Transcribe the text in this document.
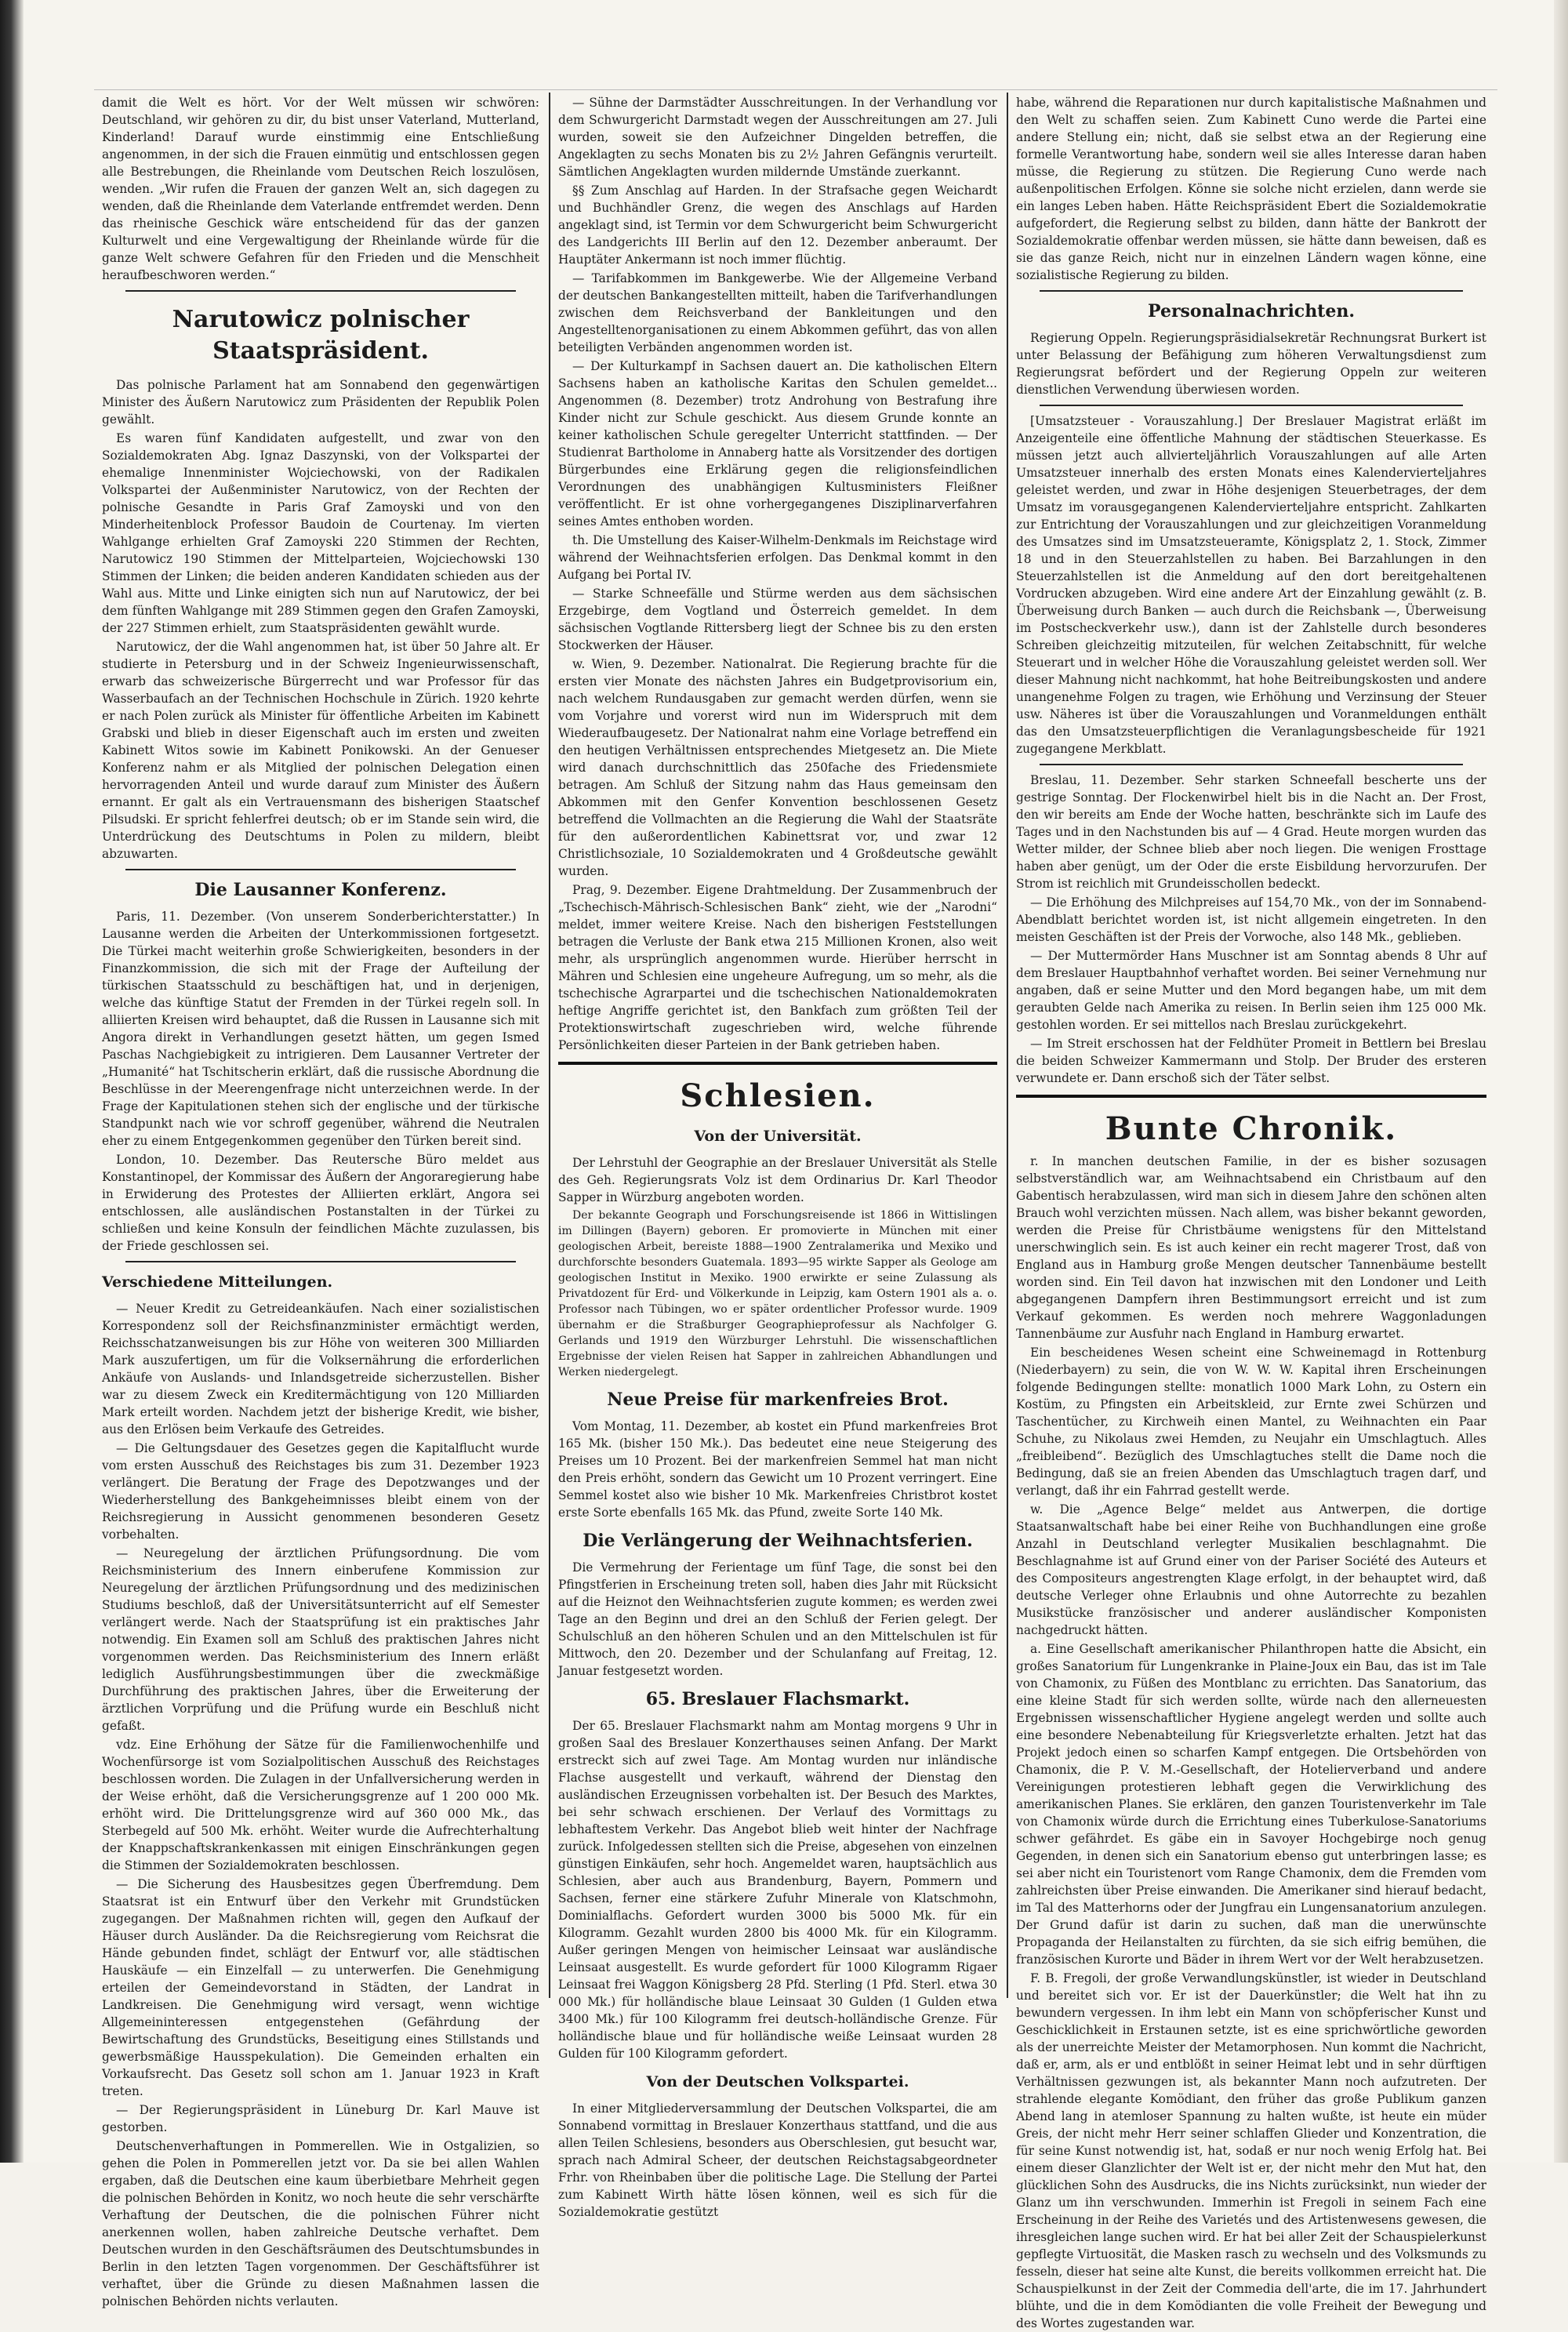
damit die Welt es hört. Vor der Welt müssen wir schwören: Deutschland, wir gehören zu dir, du bist unser Vaterland, Mutterland, Kinderland! Darauf wurde einstimmig eine Entschließung angenommen, in der sich die Frauen einmütig und entschlossen gegen alle Bestrebungen, die Rheinlande vom Deutschen Reich loszulösen, wenden. „Wir rufen die Frauen der ganzen Welt an, sich dagegen zu wenden, daß die Rheinlande dem Vaterlande entfremdet werden. Denn das rheinische Geschick wäre entscheidend für das der ganzen Kulturwelt und eine Vergewaltigung der Rheinlande würde für die ganze Welt schwere Gefahren für den Frieden und die Menschheit heraufbeschworen werden.“

Narutowicz polnischer Staatspräsident.

Das polnische Parlament hat am Sonnabend den gegenwärtigen Minister des Äußern Narutowicz zum Präsidenten der Republik Polen gewählt.

Es waren fünf Kandidaten aufgestellt, und zwar von den Sozialdemokraten Abg. Ignaz Daszynski, von der Volkspartei der ehemalige Innenminister Wojciechowski, von der Radikalen Volkspartei der Außenminister Narutowicz, von der Rechten der polnische Gesandte in Paris Graf Zamoyski und von den Minderheitenblock Professor Baudoin de Courtenay. Im vierten Wahlgange erhielten Graf Zamoyski 220 Stimmen der Rechten, Narutowicz 190 Stimmen der Mittelparteien, Wojciechowski 130 Stimmen der Linken; die beiden anderen Kandidaten schieden aus der Wahl aus. Mitte und Linke einigten sich nun auf Narutowicz, der bei dem fünften Wahlgange mit 289 Stimmen gegen den Grafen Zamoyski, der 227 Stimmen erhielt, zum Staatspräsidenten gewählt wurde.

Narutowicz, der die Wahl angenommen hat, ist über 50 Jahre alt. Er studierte in Petersburg und in der Schweiz Ingenieurwissenschaft, erwarb das schweizerische Bürgerrecht und war Professor für das Wasserbaufach an der Technischen Hochschule in Zürich. 1920 kehrte er nach Polen zurück als Minister für öffentliche Arbeiten im Kabinett Grabski und blieb in dieser Eigenschaft auch im ersten und zweiten Kabinett Witos sowie im Kabinett Ponikowski. An der Genueser Konferenz nahm er als Mitglied der polnischen Delegation einen hervorragenden Anteil und wurde darauf zum Minister des Äußern ernannt. Er galt als ein Vertrauensmann des bisherigen Staatschef Pilsudski. Er spricht fehlerfrei deutsch; ob er im Stande sein wird, die Unterdrückung des Deutschtums in Polen zu mildern, bleibt abzuwarten.

Die Lausanner Konferenz.

Paris, 11. Dezember. (Von unserem Sonderberichterstatter.) In Lausanne werden die Arbeiten der Unterkommissionen fortgesetzt. Die Türkei macht weiterhin große Schwierigkeiten, besonders in der Finanzkommission, die sich mit der Frage der Aufteilung der türkischen Staatsschuld zu beschäftigen hat, und in derjenigen, welche das künftige Statut der Fremden in der Türkei regeln soll. In alliierten Kreisen wird behauptet, daß die Russen in Lausanne sich mit Angora direkt in Verhandlungen gesetzt hätten, um gegen Ismed Paschas Nachgiebigkeit zu intrigieren. Dem Lausanner Vertreter der „Humanité“ hat Tschitscherin erklärt, daß die russische Abordnung die Beschlüsse in der Meerengenfrage nicht unterzeichnen werde. In der Frage der Kapitulationen stehen sich der englische und der türkische Standpunkt nach wie vor schroff gegenüber, während die Neutralen eher zu einem Entgegenkommen gegenüber den Türken bereit sind.

London, 10. Dezember. Das Reutersche Büro meldet aus Konstantinopel, der Kommissar des Äußern der Angoraregierung habe in Erwiderung des Protestes der Alliierten erklärt, Angora sei entschlossen, alle ausländischen Postanstalten in der Türkei zu schließen und keine Konsuln der feindlichen Mächte zuzulassen, bis der Friede geschlossen sei.

Verschiedene Mitteilungen.

— Neuer Kredit zu Getreideankäufen. Nach einer sozialistischen Korrespondenz soll der Reichsfinanzminister ermächtigt werden, Reichsschatzanweisungen bis zur Höhe von weiteren 300 Milliarden Mark auszufertigen, um für die Volksernährung die erforderlichen Ankäufe von Auslands- und Inlandsgetreide sicherzustellen. Bisher war zu diesem Zweck ein Kreditermächtigung von 120 Milliarden Mark erteilt worden. Nachdem jetzt der bisherige Kredit, wie bisher, aus den Erlösen beim Verkaufe des Getreides.

— Die Geltungsdauer des Gesetzes gegen die Kapitalflucht wurde vom ersten Ausschuß des Reichstages bis zum 31. Dezember 1923 verlängert. Die Beratung der Frage des Depotzwanges und der Wiederherstellung des Bankgeheimnisses bleibt einem von der Reichsregierung in Aussicht genommenen besonderen Gesetz vorbehalten.

— Neuregelung der ärztlichen Prüfungsordnung. Die vom Reichsministerium des Innern einberufene Kommission zur Neuregelung der ärztlichen Prüfungsordnung und des medizinischen Studiums beschloß, daß der Universitätsunterricht auf elf Semester verlängert werde. Nach der Staatsprüfung ist ein praktisches Jahr notwendig. Ein Examen soll am Schluß des praktischen Jahres nicht vorgenommen werden. Das Reichsministerium des Innern erläßt lediglich Ausführungsbestimmungen über die zweckmäßige Durchführung des praktischen Jahres, über die Erweiterung der ärztlichen Vorprüfung und die Prüfung wurde ein Beschluß nicht gefaßt.

vdz. Eine Erhöhung der Sätze für die Familienwochenhilfe und Wochenfürsorge ist vom Sozialpolitischen Ausschuß des Reichstages beschlossen worden. Die Zulagen in der Unfallversicherung werden in der Weise erhöht, daß die Versicherungsgrenze auf 1 200 000 Mk. erhöht wird. Die Drittelungsgrenze wird auf 360 000 Mk., das Sterbegeld auf 500 Mk. erhöht. Weiter wurde die Aufrechterhaltung der Knappschaftskrankenkassen mit einigen Einschränkungen gegen die Stimmen der Sozialdemokraten beschlossen.

— Die Sicherung des Hausbesitzes gegen Überfremdung. Dem Staatsrat ist ein Entwurf über den Verkehr mit Grundstücken zugegangen. Der Maßnahmen richten will, gegen den Aufkauf der Häuser durch Ausländer. Da die Reichsregierung vom Reichsrat die Hände gebunden findet, schlägt der Entwurf vor, alle städtischen Hauskäufe — ein Einzelfall — zu unterwerfen. Die Genehmigung erteilen der Gemeindevorstand in Städten, der Landrat in Landkreisen. Die Genehmigung wird versagt, wenn wichtige Allgemeininteressen entgegenstehen (Gefährdung der Bewirtschaftung des Grundstücks, Beseitigung eines Stillstands und gewerbsmäßige Hausspekulation). Die Gemeinden erhalten ein Vorkaufsrecht. Das Gesetz soll schon am 1. Januar 1923 in Kraft treten.

— Der Regierungspräsident in Lüneburg Dr. Karl Mauve ist gestorben.

Deutschenverhaftungen in Pommerellen. Wie in Ostgalizien, so gehen die Polen in Pommerellen jetzt vor. Da sie bei allen Wahlen ergaben, daß die Deutschen eine kaum überbietbare Mehrheit gegen die polnischen Behörden in Konitz, wo noch heute die sehr verschärfte Verhaftung der Deutschen, die die polnischen Führer nicht anerkennen wollen, haben zahlreiche Deutsche verhaftet. Dem Deutschen wurden in den Geschäftsräumen des Deutschtumsbundes in Berlin in den letzten Tagen vorgenommen. Der Geschäftsführer ist verhaftet, über die Gründe zu diesen Maßnahmen lassen die polnischen Behörden nichts verlauten.

— Sühne der Darmstädter Ausschreitungen. In der Verhandlung vor dem Schwurgericht Darmstadt wegen der Ausschreitungen am 27. Juli wurden, soweit sie den Aufzeichner Dingelden betreffen, die Angeklagten zu sechs Monaten bis zu 2½ Jahren Gefängnis verurteilt. Sämtlichen Angeklagten wurden mildernde Umstände zuerkannt.

§§ Zum Anschlag auf Harden. In der Strafsache gegen Weichardt und Buchhändler Grenz, die wegen des Anschlags auf Harden angeklagt sind, ist Termin vor dem Schwurgericht beim Schwurgericht des Landgerichts III Berlin auf den 12. Dezember anberaumt. Der Hauptäter Ankermann ist noch immer flüchtig.

— Tarifabkommen im Bankgewerbe. Wie der Allgemeine Verband der deutschen Bankangestellten mitteilt, haben die Tarifverhandlungen zwischen dem Reichsverband der Bankleitungen und den Angestelltenorganisationen zu einem Abkommen geführt, das von allen beteiligten Verbänden angenommen worden ist.

— Der Kulturkampf in Sachsen dauert an. Die katholischen Eltern Sachsens haben an katholische Karitas den Schulen gemeldet... Angenommen (8. Dezember) trotz Androhung von Bestrafung ihre Kinder nicht zur Schule geschickt. Aus diesem Grunde konnte an keiner katholischen Schule geregelter Unterricht stattfinden. — Der Studienrat Bartholome in Annaberg hatte als Vorsitzender des dortigen Bürgerbundes eine Erklärung gegen die religionsfeindlichen Verordnungen des unabhängigen Kultusministers Fleißner veröffentlicht. Er ist ohne vorhergegangenes Disziplinarverfahren seines Amtes enthoben worden.

th. Die Umstellung des Kaiser-Wilhelm-Denkmals im Reichstage wird während der Weihnachtsferien erfolgen. Das Denkmal kommt in den Aufgang bei Portal IV.

— Starke Schneefälle und Stürme werden aus dem sächsischen Erzgebirge, dem Vogtland und Österreich gemeldet. In dem sächsischen Vogtlande Rittersberg liegt der Schnee bis zu den ersten Stockwerken der Häuser.

w. Wien, 9. Dezember. Nationalrat. Die Regierung brachte für die ersten vier Monate des nächsten Jahres ein Budgetprovisorium ein, nach welchem Rundausgaben zur gemacht werden dürfen, wenn sie vom Vorjahre und vorerst wird nun im Widerspruch mit dem Wiederaufbaugesetz. Der Nationalrat nahm eine Vorlage betreffend ein den heutigen Verhältnissen entsprechendes Mietgesetz an. Die Miete wird danach durchschnittlich das 250fache des Friedensmiete betragen. Am Schluß der Sitzung nahm das Haus gemeinsam den Abkommen mit den Genfer Konvention beschlossenen Gesetz betreffend die Vollmachten an die Regierung die Wahl der Staatsräte für den außerordentlichen Kabinettsrat vor, und zwar 12 Christlichsoziale, 10 Sozialdemokraten und 4 Großdeutsche gewählt wurden.

Prag, 9. Dezember. Eigene Drahtmeldung. Der Zusammenbruch der „Tschechisch-Mährisch-Schlesischen Bank“ zieht, wie der „Narodni“ meldet, immer weitere Kreise. Nach den bisherigen Feststellungen betragen die Verluste der Bank etwa 215 Millionen Kronen, also weit mehr, als ursprünglich angenommen wurde. Hierüber herrscht in Mähren und Schlesien eine ungeheure Aufregung, um so mehr, als die tschechische Agrarpartei und die tschechischen Nationaldemokraten heftige Angriffe gerichtet ist, den Bankfach zum größten Teil der Protektionswirtschaft zugeschrieben wird, welche führende Persönlichkeiten dieser Parteien in der Bank getrieben haben.

Schlesien.
Von der Universität.

Der Lehrstuhl der Geographie an der Breslauer Universität als Stelle des Geh. Regierungsrats Volz ist dem Ordinarius Dr. Karl Theodor Sapper in Würzburg angeboten worden.

Der bekannte Geograph und Forschungsreisende ist 1866 in Wittislingen im Dillingen (Bayern) geboren. Er promovierte in München mit einer geologischen Arbeit, bereiste 1888—1900 Zentralamerika und Mexiko und durchforschte besonders Guatemala. 1893—95 wirkte Sapper als Geologe am geologischen Institut in Mexiko. 1900 erwirkte er seine Zulassung als Privatdozent für Erd- und Völkerkunde in Leipzig, kam Ostern 1901 als a. o. Professor nach Tübingen, wo er später ordentlicher Professor wurde. 1909 übernahm er die Straßburger Geographieprofessur als Nachfolger G. Gerlands und 1919 den Würzburger Lehrstuhl. Die wissenschaftlichen Ergebnisse der vielen Reisen hat Sapper in zahlreichen Abhandlungen und Werken niedergelegt.

Neue Preise für markenfreies Brot.

Vom Montag, 11. Dezember, ab kostet ein Pfund markenfreies Brot 165 Mk. (bisher 150 Mk.). Das bedeutet eine neue Steigerung des Preises um 10 Prozent. Bei der markenfreien Semmel hat man nicht den Preis erhöht, sondern das Gewicht um 10 Prozent verringert. Eine Semmel kostet also wie bisher 10 Mk. Markenfreies Christbrot kostet erste Sorte ebenfalls 165 Mk. das Pfund, zweite Sorte 140 Mk.

Die Verlängerung der Weihnachtsferien.

Die Vermehrung der Ferientage um fünf Tage, die sonst bei den Pfingstferien in Erscheinung treten soll, haben dies Jahr mit Rücksicht auf die Heiznot den Weihnachtsferien zugute kommen; es werden zwei Tage an den Beginn und drei an den Schluß der Ferien gelegt. Der Schulschluß an den höheren Schulen und an den Mittelschulen ist für Mittwoch, den 20. Dezember und der Schulanfang auf Freitag, 12. Januar festgesetzt worden.

65. Breslauer Flachsmarkt.

Der 65. Breslauer Flachsmarkt nahm am Montag morgens 9 Uhr in großen Saal des Breslauer Konzerthauses seinen Anfang. Der Markt erstreckt sich auf zwei Tage. Am Montag wurden nur inländische Flachse ausgestellt und verkauft, während der Dienstag den ausländischen Erzeugnissen vorbehalten ist. Der Besuch des Marktes, bei sehr schwach erschienen. Der Verlauf des Vormittags zu lebhaftestem Verkehr. Das Angebot blieb weit hinter der Nachfrage zurück. Infolgedessen stellten sich die Preise, abgesehen von einzelnen günstigen Einkäufen, sehr hoch. Angemeldet waren, hauptsächlich aus Schlesien, aber auch aus Brandenburg, Bayern, Pommern und Sachsen, ferner eine stärkere Zufuhr Minerale von Klatschmohn, Dominialflachs. Gefordert wurden 3000 bis 5000 Mk. für ein Kilogramm. Gezahlt wurden 2800 bis 4000 Mk. für ein Kilogramm. Außer geringen Mengen von heimischer Leinsaat war ausländische Leinsaat ausgestellt. Es wurde gefordert für 1000 Kilogramm Rigaer Leinsaat frei Waggon Königsberg 28 Pfd. Sterling (1 Pfd. Sterl. etwa 30 000 Mk.) für holländische blaue Leinsaat 30 Gulden (1 Gulden etwa 3400 Mk.) für 100 Kilogramm frei deutsch-holländische Grenze. Für holländische blaue und für holländische weiße Leinsaat wurden 28 Gulden für 100 Kilogramm gefordert.

Von der Deutschen Volkspartei.

In einer Mitgliederversammlung der Deutschen Volkspartei, die am Sonnabend vormittag in Breslauer Konzerthaus stattfand, und die aus allen Teilen Schlesiens, besonders aus Oberschlesien, gut besucht war, sprach nach Admiral Scheer, der deutschen Reichstagsabgeordneter Frhr. von Rheinbaben über die politische Lage. Die Stellung der Partei zum Kabinett Wirth hätte lösen können, weil es sich für die Sozialdemokratie gestützt

habe, während die Reparationen nur durch kapitalistische Maßnahmen und den Welt zu schaffen seien. Zum Kabinett Cuno werde die Partei eine andere Stellung ein; nicht, daß sie selbst etwa an der Regierung eine formelle Verantwortung habe, sondern weil sie alles Interesse daran haben müsse, die Regierung zu stützen. Die Regierung Cuno werde nach außenpolitischen Erfolgen. Könne sie solche nicht erzielen, dann werde sie ein langes Leben haben. Hätte Reichspräsident Ebert die Sozialdemokratie aufgefordert, die Regierung selbst zu bilden, dann hätte der Bankrott der Sozialdemokratie offenbar werden müssen, sie hätte dann beweisen, daß es sie das ganze Reich, nicht nur in einzelnen Ländern wagen könne, eine sozialistische Regierung zu bilden.

Personalnachrichten.

Regierung Oppeln. Regierungspräsidialsekretär Rechnungsrat Burkert ist unter Belassung der Befähigung zum höheren Verwaltungsdienst zum Regierungsrat befördert und der Regierung Oppeln zur weiteren dienstlichen Verwendung überwiesen worden.

[Umsatzsteuer - Vorauszahlung.] Der Breslauer Magistrat erläßt im Anzeigenteile eine öffentliche Mahnung der städtischen Steuerkasse. Es müssen jetzt auch allvierteljährlich Vorauszahlungen auf alle Arten Umsatzsteuer innerhalb des ersten Monats eines Kalendervierteljahres geleistet werden, und zwar in Höhe desjenigen Steuerbetrages, der dem Umsatz im vorausgegangenen Kalendervierteljahre entspricht. Zahlkarten zur Entrichtung der Vorauszahlungen und zur gleichzeitigen Voranmeldung des Umsatzes sind im Umsatzsteueramte, Königsplatz 2, 1. Stock, Zimmer 18 und in den Steuerzahlstellen zu haben. Bei Barzahlungen in den Steuerzahlstellen ist die Anmeldung auf den dort bereitgehaltenen Vordrucken abzugeben. Wird eine andere Art der Einzahlung gewählt (z. B. Überweisung durch Banken — auch durch die Reichsbank —, Überweisung im Postscheckverkehr usw.), dann ist der Zahlstelle durch besonderes Schreiben gleichzeitig mitzuteilen, für welchen Zeitabschnitt, für welche Steuerart und in welcher Höhe die Vorauszahlung geleistet werden soll. Wer dieser Mahnung nicht nachkommt, hat hohe Beitreibungskosten und andere unangenehme Folgen zu tragen, wie Erhöhung und Verzinsung der Steuer usw. Näheres ist über die Vorauszahlungen und Voranmeldungen enthält das den Umsatzsteuerpflichtigen die Veranlagungsbescheide für 1921 zugegangene Merkblatt.

Breslau, 11. Dezember. Sehr starken Schneefall bescherte uns der gestrige Sonntag. Der Flockenwirbel hielt bis in die Nacht an. Der Frost, den wir bereits am Ende der Woche hatten, beschränkte sich im Laufe des Tages und in den Nachstunden bis auf — 4 Grad. Heute morgen wurden das Wetter milder, der Schnee blieb aber noch liegen. Die wenigen Frosttage haben aber genügt, um der Oder die erste Eisbildung hervorzurufen. Der Strom ist reichlich mit Grundeisschollen bedeckt.

— Die Erhöhung des Milchpreises auf 154,70 Mk., von der im Sonnabend-Abendblatt berichtet worden ist, ist nicht allgemein eingetreten. In den meisten Geschäften ist der Preis der Vorwoche, also 148 Mk., geblieben.

— Der Muttermörder Hans Muschner ist am Sonntag abends 8 Uhr auf dem Breslauer Hauptbahnhof verhaftet worden. Bei seiner Vernehmung nur angaben, daß er seine Mutter und den Mord begangen habe, um mit dem geraubten Gelde nach Amerika zu reisen. In Berlin seien ihm 125 000 Mk. gestohlen worden. Er sei mittellos nach Breslau zurückgekehrt.

— Im Streit erschossen hat der Feldhüter Promeit in Bettlern bei Breslau die beiden Schweizer Kammermann und Stolp. Der Bruder des ersteren verwundete er. Dann erschoß sich der Täter selbst.

Bunte Chronik.

r. In manchen deutschen Familie, in der es bisher sozusagen selbstverständlich war, am Weihnachtsabend ein Christbaum auf den Gabentisch herabzulassen, wird man sich in diesem Jahre den schönen alten Brauch wohl verzichten müssen. Nach allem, was bisher bekannt geworden, werden die Preise für Christbäume wenigstens für den Mittelstand unerschwinglich sein. Es ist auch keiner ein recht magerer Trost, daß von England aus in Hamburg große Mengen deutscher Tannenbäume bestellt worden sind. Ein Teil davon hat inzwischen mit den Londoner und Leith abgegangenen Dampfern ihren Bestimmungsort erreicht und ist zum Verkauf gekommen. Es werden noch mehrere Waggonladungen Tannenbäume zur Ausfuhr nach England in Hamburg erwartet.

Ein bescheidenes Wesen scheint eine Schweinemagd in Rottenburg (Niederbayern) zu sein, die von W. W. W. Kapital ihren Erscheinungen folgende Bedingungen stellte: monatlich 1000 Mark Lohn, zu Ostern ein Kostüm, zu Pfingsten ein Arbeitskleid, zur Ernte zwei Schürzen und Taschentücher, zu Kirchweih einen Mantel, zu Weihnachten ein Paar Schuhe, zu Nikolaus zwei Hemden, zu Neujahr ein Umschlagtuch. Alles „freibleibend“. Bezüglich des Umschlagtuches stellt die Dame noch die Bedingung, daß sie an freien Abenden das Umschlagtuch tragen darf, und verlangt, daß ihr ein Fahrrad gestellt werde.

w. Die „Agence Belge“ meldet aus Antwerpen, die dortige Staatsanwaltschaft habe bei einer Reihe von Buchhandlungen eine große Anzahl in Deutschland verlegter Musikalien beschlagnahmt. Die Beschlagnahme ist auf Grund einer von der Pariser Société des Auteurs et des Compositeurs angestrengten Klage erfolgt, in der behauptet wird, daß deutsche Verleger ohne Erlaubnis und ohne Autorrechte zu bezahlen Musikstücke französischer und anderer ausländischer Komponisten nachgedruckt hätten.

a. Eine Gesellschaft amerikanischer Philanthropen hatte die Absicht, ein großes Sanatorium für Lungenkranke in Plaine-Joux ein Bau, das ist im Tale von Chamonix, zu Füßen des Montblanc zu errichten. Das Sanatorium, das eine kleine Stadt für sich werden sollte, würde nach den allerneuesten Ergebnissen wissenschaftlicher Hygiene angelegt werden und sollte auch eine besondere Nebenabteilung für Kriegsverletzte erhalten. Jetzt hat das Projekt jedoch einen so scharfen Kampf entgegen. Die Ortsbehörden von Chamonix, die P. V. M.-Gesellschaft, der Hotelierverband und andere Vereinigungen protestieren lebhaft gegen die Verwirklichung des amerikanischen Planes. Sie erklären, den ganzen Touristenverkehr im Tale von Chamonix würde durch die Errichtung eines Tuberkulose-Sanatoriums schwer gefährdet. Es gäbe ein in Savoyer Hochgebirge noch genug Gegenden, in denen sich ein Sanatorium ebenso gut unterbringen lasse; es sei aber nicht ein Touristenort vom Range Chamonix, dem die Fremden vom zahlreichsten über Preise einwanden. Die Amerikaner sind hierauf bedacht, im Tal des Matterhorns oder der Jungfrau ein Lungensanatorium anzulegen. Der Grund dafür ist darin zu suchen, daß man die unerwünschte Propaganda der Heilanstalten zu fürchten, da sie sich eifrig bemühen, die französischen Kurorte und Bäder in ihrem Wert vor der Welt herabzusetzen.

F. B. Fregoli, der große Verwandlungskünstler, ist wieder in Deutschland und bereitet sich vor. Er ist der Dauerkünstler; die Welt hat ihn zu bewundern vergessen. In ihm lebt ein Mann von schöpferischer Kunst und Geschicklichkeit in Erstaunen setzte, ist es eine sprichwörtliche geworden als der unerreichte Meister der Metamorphosen. Nun kommt die Nachricht, daß er, arm, als er und entblößt in seiner Heimat lebt und in sehr dürftigen Verhältnissen gezwungen ist, als bekannter Mann noch aufzutreten. Der strahlende elegante Komödiant, den früher das große Publikum ganzen Abend lang in atemloser Spannung zu halten wußte, ist heute ein müder Greis, der nicht mehr Herr seiner schlaffen Glieder und Konzentration, die für seine Kunst notwendig ist, hat, sodaß er nur noch wenig Erfolg hat. Bei einem dieser Glanzlichter der Welt ist er, der nicht mehr den Mut hat, den glücklichen Sohn des Ausdrucks, die ins Nichts zurücksinkt, nun wieder der Glanz um ihn verschwunden. Immerhin ist Fregoli in seinem Fach eine Erscheinung in der Reihe des Varietés und des Artistenwesens gewesen, die ihresgleichen lange suchen wird. Er hat bei aller Zeit der Schauspielerkunst gepflegte Virtuosität, die Masken rasch zu wechseln und des Volksmunds zu fesseln, dieser hat seine alte Kunst, die bereits vollkommen erreicht hat. Die Schauspielkunst in der Zeit der Commedia dell'arte, die im 17. Jahrhundert blühte, und die in dem Komödianten die volle Freiheit der Bewegung und des Wortes zugestanden war.
